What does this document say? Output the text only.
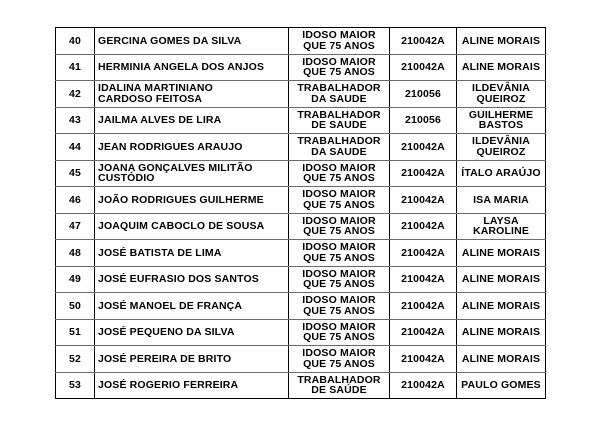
40	GERCINA GOMES DA SILVA	IDOSO MAIOR
QUE 75 ANOS	210042A	ALINE MORAIS

41	HERMINIA ANGELA DOS ANJOS	IDOSO MAIOR
QUE 75 ANOS	210042A	ALINE MORAIS

42	IDALINA MARTINIANO
CARDOSO FEITOSA	TRABALHADOR
DA SAUDE	210056	ILDEVÂNIA
QUEIROZ

43	JAILMA ALVES DE LIRA	TRABALHADOR
DE SAUDE	210056	GUILHERME
BASTOS

44	JEAN RODRIGUES ARAUJO	TRABALHADOR
DA SAUDE	210042A	ILDEVÂNIA
QUEIROZ

45	JOANA GONÇALVES MILITÃO
CUSTÓDIO	IDOSO MAIOR
QUE 75 ANOS	210042A	ÍTALO ARAÚJO

46	JOÃO RODRIGUES GUILHERME	IDOSO MAIOR
QUE 75 ANOS	210042A	ISA MARIA

47	JOAQUIM CABOCLO DE SOUSA	IDOSO MAIOR
QUE 75 ANOS	210042A	LAYSA
KAROLINE

48	JOSÉ BATISTA DE LIMA	IDOSO MAIOR
QUE 75 ANOS	210042A	ALINE MORAIS

49	JOSÉ EUFRASIO DOS SANTOS	IDOSO MAIOR
QUE 75 ANOS	210042A	ALINE MORAIS

50	JOSÉ MANOEL DE FRANÇA	IDOSO MAIOR
QUE 75 ANOS	210042A	ALINE MORAIS

51	JOSÉ PEQUENO DA SILVA	IDOSO MAIOR
QUE 75 ANOS	210042A	ALINE MORAIS

52	JOSÉ PEREIRA DE BRITO	IDOSO MAIOR
QUE 75 ANOS	210042A	ALINE MORAIS

53	JOSÉ ROGERIO FERREIRA	TRABALHADOR
DE SAÚDE	210042A	PAULO GOMES
